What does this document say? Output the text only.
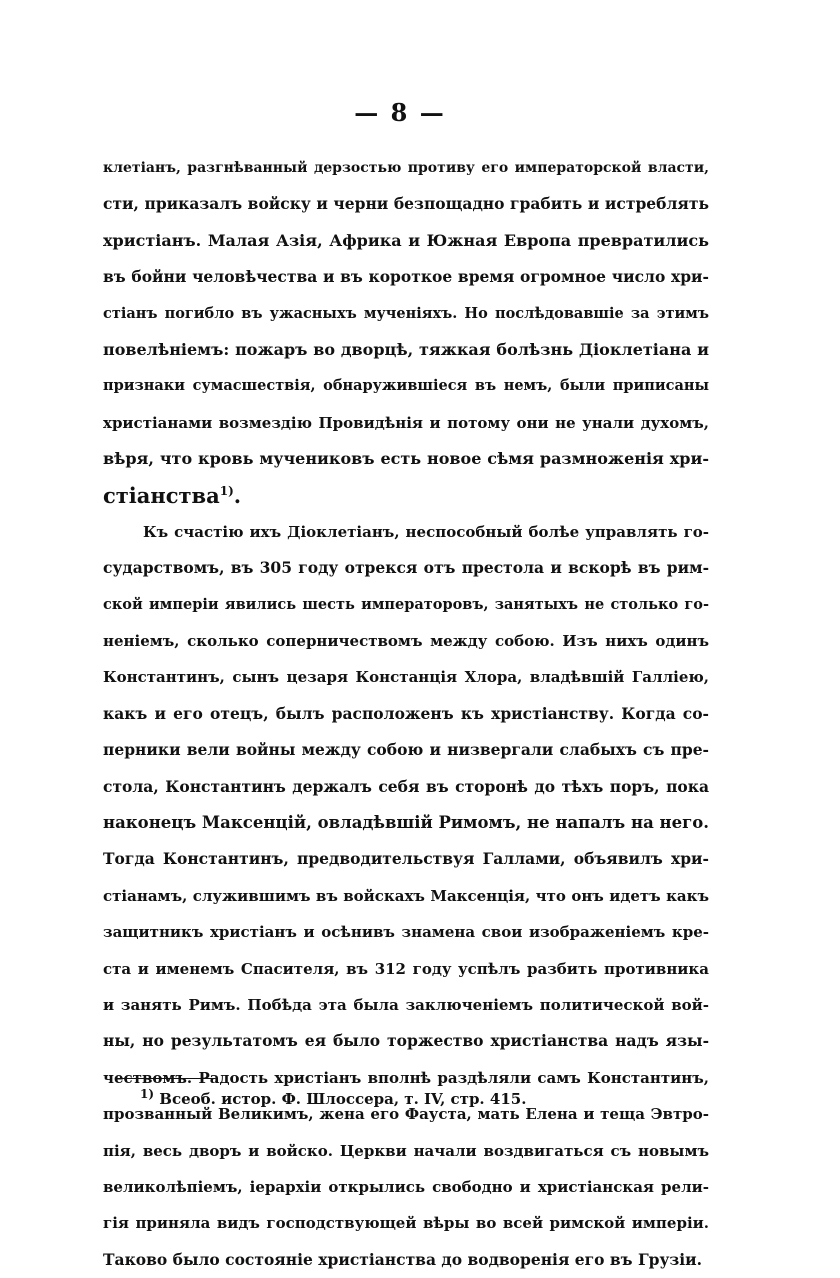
— 8 —
клетіанъ, разгнѣванный дерзостью противу его императорской власти,
сти, приказалъ войску и черни безпощадно грабить и истреблять
христіанъ. Малая Азія, Африка и Южная Европа превратились
въ бойни человѣчества и въ короткое время огромное число хри-
стіанъ погибло въ ужасныхъ мученіяхъ. Но послѣдовавшіе за этимъ
повелѣніемъ: пожаръ во дворцѣ, тяжкая болѣзнь Діоклетіана и
признаки сумасшествія, обнаружившіеся въ немъ, были приписаны
христіанами возмездію Провидѣнія и потому они не унали духомъ,
вѣря, что кровь мучениковъ есть новое сѣмя размноженія хри-
стіанства$^{1)}$.
Къ счастію ихъ Діоклетіанъ, неспособный болѣе управлять го-
сударствомъ, въ 305 году отрекся отъ престола и вскорѣ въ рим-
ской имперіи явились шесть императоровъ, занятыхъ не столько го-
неніемъ, сколько соперничествомъ между собою. Изъ нихъ одинъ
Константинъ, сынъ цезаря Констанція Хлора, владѣвшій Галліею,
какъ и его отецъ, былъ расположенъ къ христіанству. Когда со-
перники вели войны между собою и низвергали слабыхъ съ пре-
стола, Константинъ держалъ себя въ сторонѣ до тѣхъ поръ, пока
наконецъ Максенцій, овладѣвшій Римомъ, не напалъ на него.
Тогда Константинъ, предводительствуя Галлами, объявилъ хри-
стіанамъ, служившимъ въ войскахъ Максенція, что онъ идетъ какъ
защитникъ христіанъ и осѣнивъ знамена свои изображеніемъ кре-
ста и именемъ Спасителя, въ 312 году успѣлъ разбить противника
и занять Римъ. Побѣда эта была заключеніемъ политической вой-
ны, но результатомъ ея было торжество христіанства надъ язы-
чествомъ. Радость христіанъ вполнѣ раздѣляли самъ Константинъ,
прозванный Великимъ, жена его Фауста, мать Елена и теща Эвтро-
пія, весь дворъ и войско. Церкви начали воздвигаться съ новымъ
великолѣпіемъ, іерархіи открылись свободно и христіанская рели-
гія приняла видъ господствующей вѣры во всей римской имперіи.
Таково было состояніе христіанства до водворенія его въ Грузіи.
$^{1)}$ Всеоб. истор. Ф. Шлоссера, т. IV, стр. 415.
